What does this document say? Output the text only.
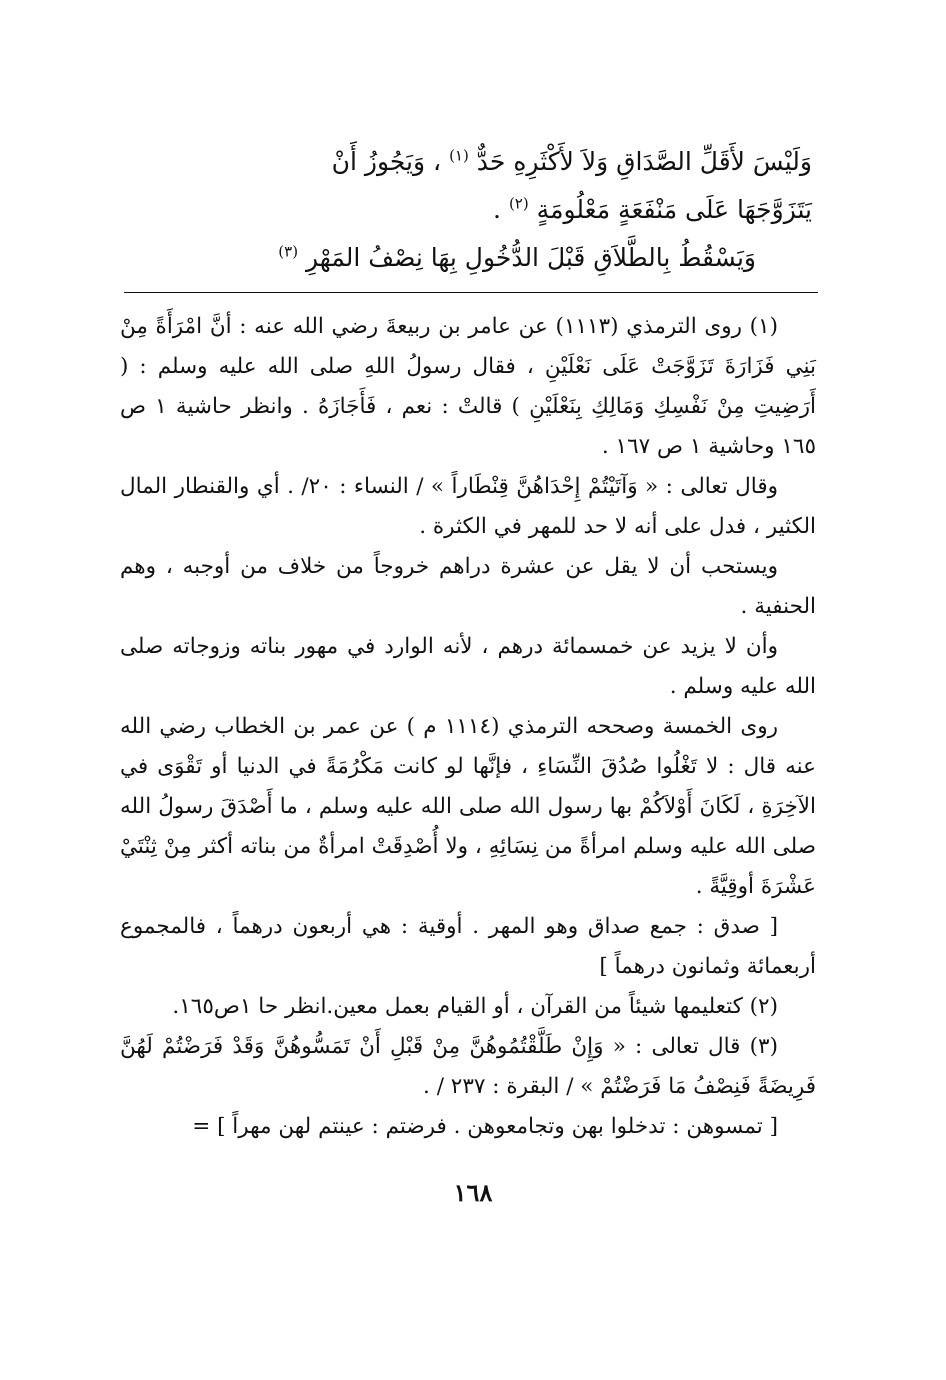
وَلَيْسَ لأَقَلِّ الصَّدَاقِ وَلاَ لأَكْثَرِهِ حَدٌّ $^{(١)}$ ، وَيَجُوزُ أَنْ
يَتَزَوَّجَهَا عَلَى مَنْفَعَةٍ مَعْلُومَةٍ $^{(٢)}$ .
وَيَسْقُطُ بِالطَّلاَقِ قَبْلَ الدُّخُولِ بِهَا نِصْفُ المَهْرِ $^{(٣)}$

(١) روى الترمذي (١١١٣) عن عامر بن ربيعةَ رضي الله عنه : أنَّ امْرَأَةً مِنْ بَنِي فَزَارَةَ تَزَوَّجَتْ عَلَى نَعْلَيْنِ ، فقال رسولُ اللهِ صلى الله عليه وسلم : ( أَرَضِيتِ مِنْ نَفْسِكِ وَمَالِكِ بِنَعْلَيْنِ ) قالتْ : نعم ، فَأَجَازَهُ . وانظر حاشية ١ ص ١٦٥ وحاشية ١ ص ١٦٧ .

وقال تعالى : « وَآتَيْتُمْ إِحْدَاهُنَّ قِنْطَاراً » / النساء : ٢٠/ . أي والقنطار المال الكثير ، فدل على أنه لا حد للمهر في الكثرة .

ويستحب أن لا يقل عن عشرة دراهم خروجاً من خلاف من أوجبه ، وهم الحنفية .

وأن لا يزيد عن خمسمائة درهم ، لأنه الوارد في مهور بناته وزوجاته صلى الله عليه وسلم .

روى الخمسة وصححه الترمذي (١١١٤ م ) عن عمر بن الخطاب رضي الله عنه قال : لا تَغْلُوا صُدُقَ النِّسَاءِ ، فإنَّها لو كانت مَكْرُمَةً في الدنيا أو تَقْوَى في الآخِرَةِ ، لَكَانَ أَوْلاَكُمْ بها رسول الله صلى الله عليه وسلم ، ما أَصْدَقَ رسولُ الله صلى الله عليه وسلم امرأةً من نِسَائِهِ ، ولا أُصْدِقَتْ امرأةٌ من بناته أكثر مِنْ ثِنْتَيْ عَشْرَةَ أوقِيَّةً .

[ صدق : جمع صداق وهو المهر . أوقية : هي أربعون درهماً ، فالمجموع أربعمائة وثمانون درهماً ]

(٢) كتعليمها شيئاً من القرآن ، أو القيام بعمل معين.انظر حا ١ص١٦٥.

(٣) قال تعالى : « وَإِنْ طَلَّقْتُمُوهُنَّ مِنْ قَبْلِ أَنْ تَمَسُّوهُنَّ وَقَدْ فَرَضْتُمْ لَهُنَّ فَرِيضَةً فَنِصْفُ مَا فَرَضْتُمْ » / البقرة : ٢٣٧ / .

[ تمسوهن : تدخلوا بهن وتجامعوهن . فرضتم : عينتم لهن مهراً ] =

١٦٨
